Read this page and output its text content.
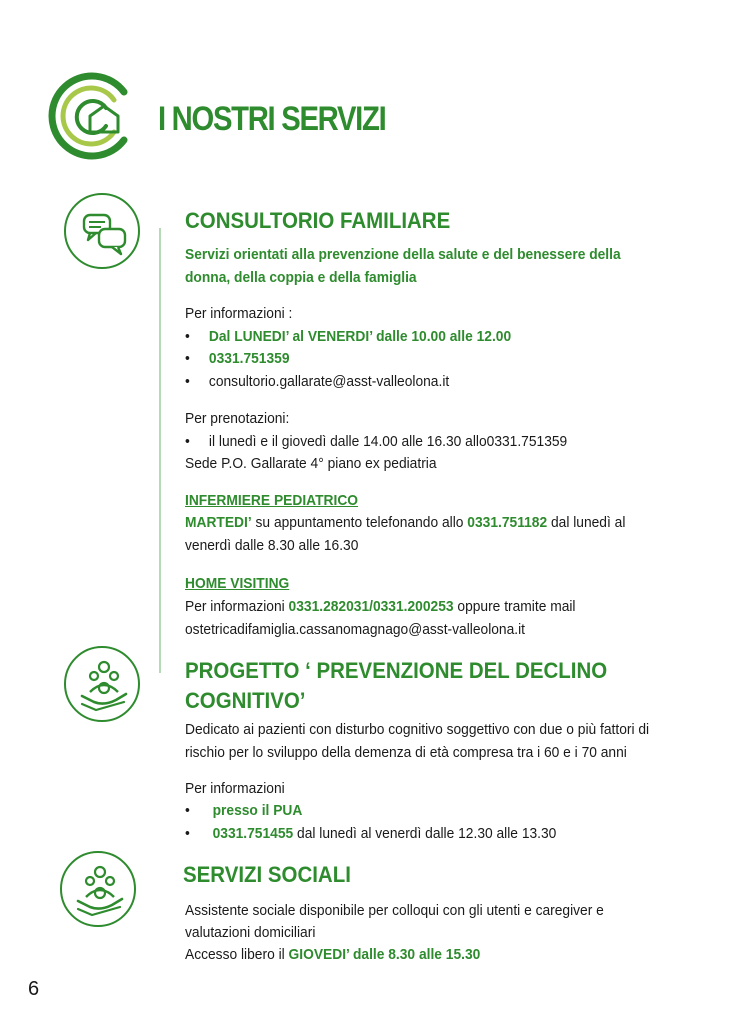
I NOSTRI SERVIZI
CONSULTORIO FAMILIARE
Servizi orientati alla prevenzione della salute e del benessere della
donna, della coppia e della famiglia
Per informazioni :
• Dal LUNEDI’ al VENERDI’ dalle 10.00 alle 12.00
• 0331.751359
• consultorio.gallarate@asst-valleolona.it
Per prenotazioni:
• il lunedì e il giovedì dalle 14.00 alle 16.30 allo0331.751359
Sede P.O. Gallarate 4° piano ex pediatria
INFERMIERE PEDIATRICO
MARTEDI’ su appuntamento telefonando allo 0331.751182 dal lunedì al
venerdì dalle 8.30 alle 16.30
HOME VISITING
Per informazioni 0331.282031/0331.200253 oppure tramite mail
ostetricadifamiglia.cassanomagnago@asst-valleolona.it
PROGETTO ‘ PREVENZIONE DEL DECLINO
COGNITIVO’
Dedicato ai pazienti con disturbo cognitivo soggettivo con due o più fattori di
rischio per lo sviluppo della demenza di età compresa tra i 60 e i 70 anni
Per informazioni
• presso il PUA
• 0331.751455 dal lunedì al venerdì dalle 12.30 alle 13.30
SERVIZI SOCIALI
Assistente sociale disponibile per colloqui con gli utenti e caregiver e
valutazioni domiciliari
Accesso libero il GIOVEDI’ dalle 8.30 alle 15.30
6
